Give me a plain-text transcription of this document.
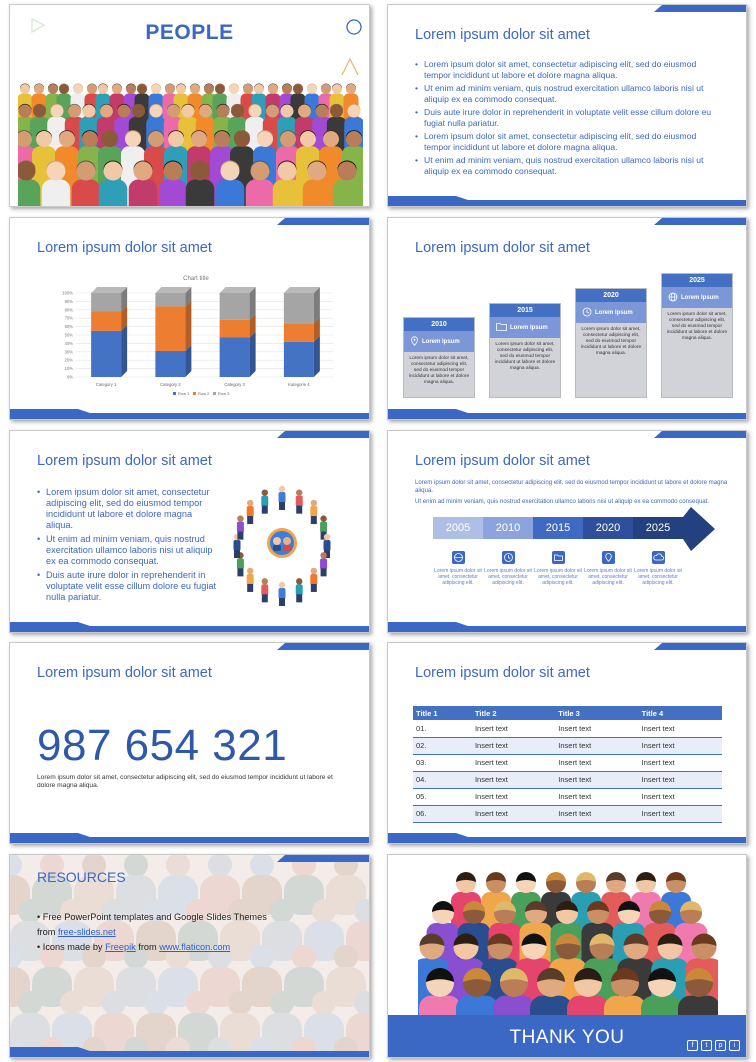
PEOPLE	Lorem ipsum dolor sit amet
• Lorem ipsum dolor sit amet, consectetur adipiscing elit, sed do eiusmod tempor incididunt ut labore et dolore magna aliqua.
• Ut enim ad minim veniam, quis nostrud exercitation ullamco laboris nisi ut aliquip ex ea commodo consequat.
• Duis aute irure dolor in reprehenderit in voluptate velit esse cillum dolore eu fugiat nulla pariatur.
• Lorem ipsum dolor sit amet, consectetur adipiscing elit, sed do eiusmod tempor incididunt ut labore et dolore magna aliqua.
• Ut enim ad minim veniam, quis nostrud exercitation ullamco laboris nisi ut aliquip ex ea commodo consequat.
Lorem ipsum dolor sit amet
Chart title
0%
10%
20%
30%
40%
50%
60%
70%
80%
90%
100%
Category 1	Category 2	Category 3	Kategorie 4
Row 1 Row 2 Row 3
Lorem ipsum dolor sit amet
2010
Lorem Ipsum
Lorem ipsum dolor sit amet, consectetur adipiscing elit, sed do eiusmod tempor incididunt ut labore et dolore magna aliqua.
2015
Lorem Ipsum
Lorem ipsum dolor sit amet, consectetur adipiscing elit, sed do eiusmod tempor incididunt ut labore et dolore magna aliqua.
2020
Lorem Ipsum
Lorem ipsum dolor sit amet, consectetur adipiscing elit, sed do eiusmod tempor incididunt ut labore et dolore magna aliqua.
2025
Lorem Ipsum
Lorem ipsum dolor sit amet, consectetur adipiscing elit, sed do eiusmod tempor incididunt ut labore et dolore magna aliqua.
Lorem ipsum dolor sit amet
• Lorem ipsum dolor sit amet, consectetur adipiscing elit, sed do eiusmod tempor incididunt ut labore et dolore magna aliqua.
• Ut enim ad minim veniam, quis nostrud exercitation ullamco laboris nisi ut aliquip ex ea commodo consequat.
• Duis aute irure dolor in reprehenderit in voluptate velit esse cillum dolore eu fugiat nulla pariatur.
Lorem ipsum dolor sit amet
Lorem ipsum dolor sit amet, consectetur adipiscing elit, sed do eiusmod tempor incididunt ut labore et dolore magna aliqua.
Ut enim ad minim veniam, quis nostrud exercitation ullamco laboris nisi ut aliquip ex ea commodo consequat.
2005	2010	2015	2020	2025
Lorem ipsum dolor sit amet, consectetur adipiscing elit.
Lorem ipsum dolor sit amet, consectetur adipiscing elit.
Lorem ipsum dolor sit amet, consectetur adipiscing elit.
Lorem ipsum dolor sit amet, consectetur adipiscing elit.
Lorem ipsum dolor sit amet, consectetur adipiscing elit.
Lorem ipsum dolor sit amet
987 654 321
Lorem ipsum dolor sit amet, consectetur adipiscing elit, sed do eiusmod tempor incididunt ut labore et dolore magna aliqua.
Lorem ipsum dolor sit amet
Title 1	Title 2	Title 3	Title 4
01.	Insert text	Insert text	Insert text
02.	Insert text	Insert text	Insert text
03.	Insert text	Insert text	Insert text
04.	Insert text	Insert text	Insert text
05.	Insert text	Insert text	Insert text
06.	Insert text	Insert text	Insert text
RESOURCES
• Free PowerPoint templates and Google Slides Themes
from free-slides.net
• Icons made by Freepik from www.flaticon.com
THANK YOU	f	t	p	i
